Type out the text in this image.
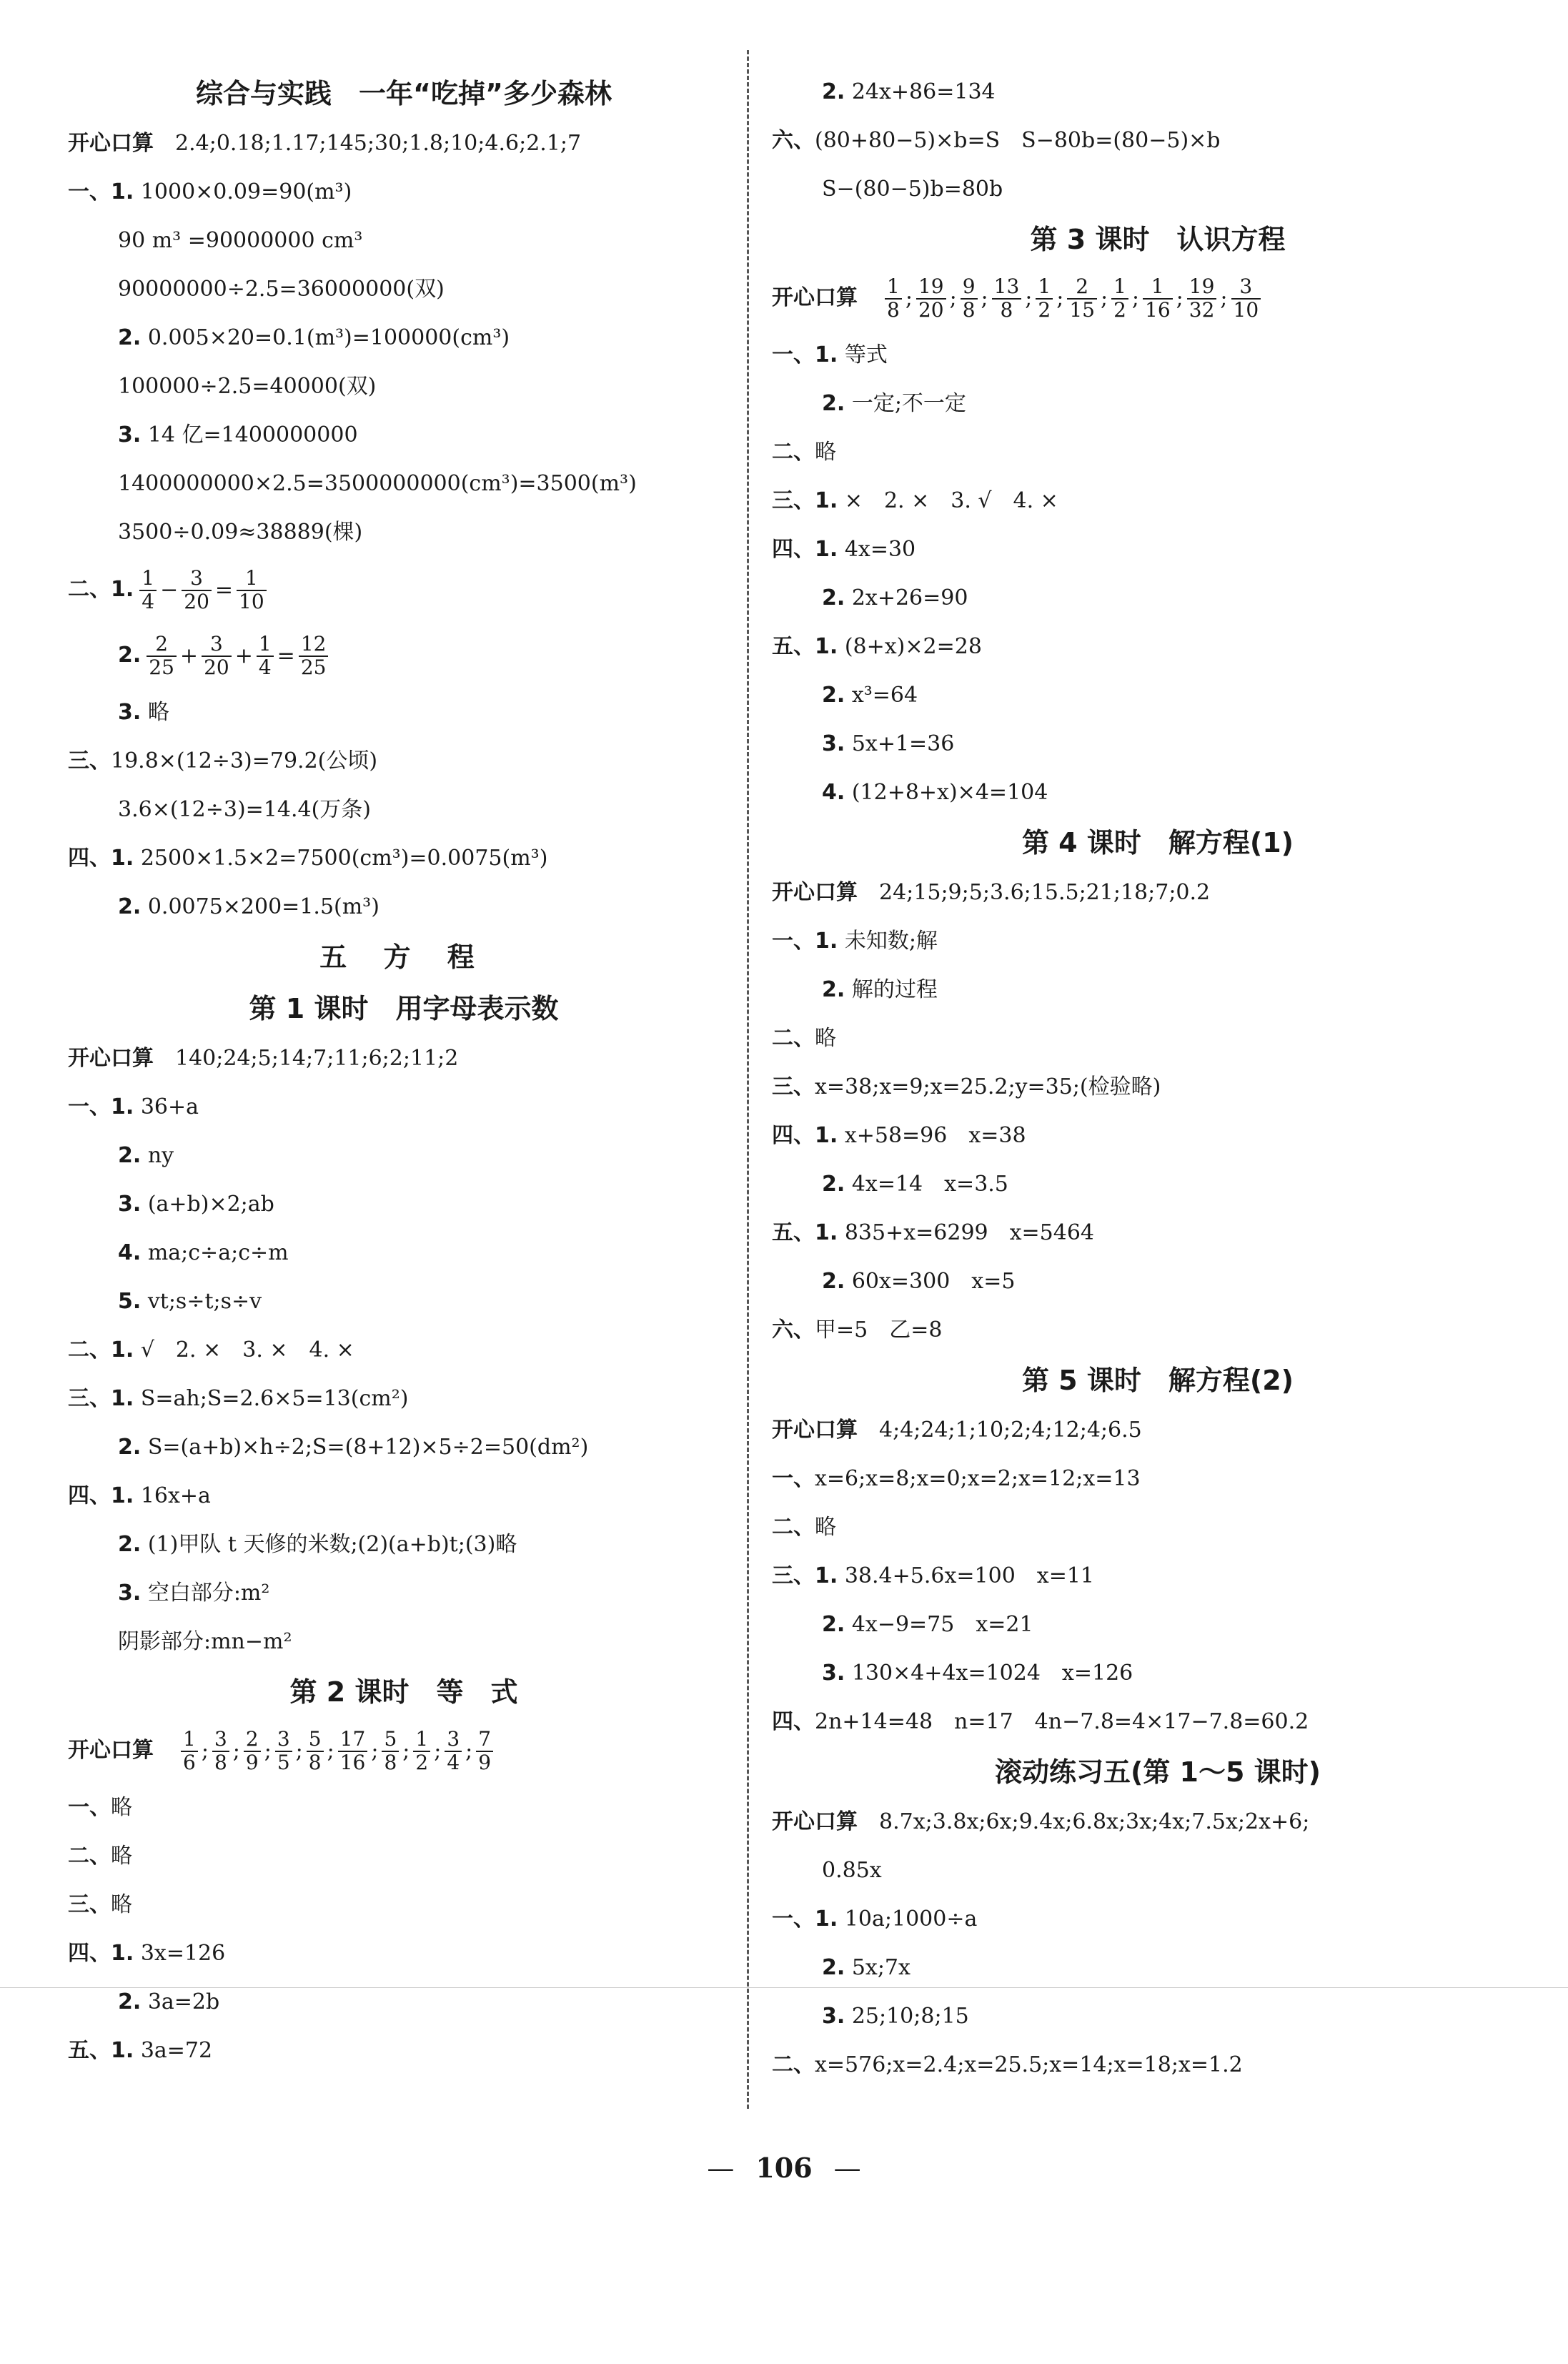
综合与实践　一年“吃掉”多少森林
开心口算　2.4;0.18;1.17;145;30;1.8;10;4.6;2.1;7
一、1. 1000×0.09=90(m³)
90 m³ =90000000 cm³
90000000÷2.5=36000000(双)
2. 0.005×20=0.1(m³)=100000(cm³)
100000÷2.5=40000(双)
3. 14 亿=1400000000
1400000000×2.5=3500000000(cm³)=3500(m³)
3500÷0.09≈38889(棵)
二、1. $\frac{1}{4} - \frac{3}{20} = \frac{1}{10}$
2. $\frac{2}{25} + \frac{3}{20} + \frac{1}{4} = \frac{12}{25}$
3. 略
三、19.8×(12÷3)=79.2(公顷)
3.6×(12÷3)=14.4(万条)
四、1. 2500×1.5×2=7500(cm³)=0.0075(m³)
2. 0.0075×200=1.5(m³)
五 方 程
第 1 课时　用字母表示数
开心口算　140;24;5;14;7;11;6;2;11;2
一、1. 36+a
2. ny
3. (a+b)×2;ab
4. ma;c÷a;c÷m
5. vt;s÷t;s÷v
二、1. √　2. ×　3. ×　4. ×
三、1. S=ah;S=2.6×5=13(cm²)
2. S=(a+b)×h÷2;S=(8+12)×5÷2=50(dm²)
四、1. 16x+a
2. (1)甲队 t 天修的米数;(2)(a+b)t;(3)略
3. 空白部分:m²
阴影部分:mn−m²
第 2 课时　等　式
开心口算　 $\frac{1}{6}$ ; $\frac{3}{8}$ ; $\frac{2}{9}$ ; $\frac{3}{5}$ ; $\frac{5}{8}$ ; $\frac{17}{16}$ ; $\frac{5}{8}$ ; $\frac{1}{2}$ ; $\frac{3}{4}$ ; $\frac{7}{9}$
一、略
二、略
三、略
四、1. 3x=126
2. 3a=2b
五、1. 3a=72
2. 24x+86=134
六、(80+80−5)×b=S　S−80b=(80−5)×b
S−(80−5)b=80b
第 3 课时　认识方程
开心口算　 $\frac{1}{8}$ ; $\frac{19}{20}$ ; $\frac{9}{8}$ ; $\frac{13}{8}$ ; $\frac{1}{2}$ ; $\frac{2}{15}$ ; $\frac{1}{2}$ ; $\frac{1}{16}$ ; $\frac{19}{32}$ ; $\frac{3}{10}$
一、1. 等式
2. 一定;不一定
二、略
三、1. ×　2. ×　3. √　4. ×
四、1. 4x=30
2. 2x+26=90
五、1. (8+x)×2=28
2. x³=64
3. 5x+1=36
4. (12+8+x)×4=104
第 4 课时　解方程(1)
开心口算　24;15;9;5;3.6;15.5;21;18;7;0.2
一、1. 未知数;解
2. 解的过程
二、略
三、x=38;x=9;x=25.2;y=35;(检验略)
四、1. x+58=96　x=38
2. 4x=14　x=3.5
五、1. 835+x=6299　x=5464
2. 60x=300　x=5
六、甲=5　乙=8
第 5 课时　解方程(2)
开心口算　4;4;24;1;10;2;4;12;4;6.5
一、x=6;x=8;x=0;x=2;x=12;x=13
二、略
三、1. 38.4+5.6x=100　x=11
2. 4x−9=75　x=21
3. 130×4+4x=1024　x=126
四、2n+14=48　n=17　4n−7.8=4×17−7.8=60.2
滚动练习五(第 1～5 课时)
开心口算　8.7x;3.8x;6x;9.4x;6.8x;3x;4x;7.5x;2x+6;
0.85x
一、1. 10a;1000÷a
2. 5x;7x
3. 25;10;8;15
二、x=576;x=2.4;x=25.5;x=14;x=18;x=1.2
— 106 —
